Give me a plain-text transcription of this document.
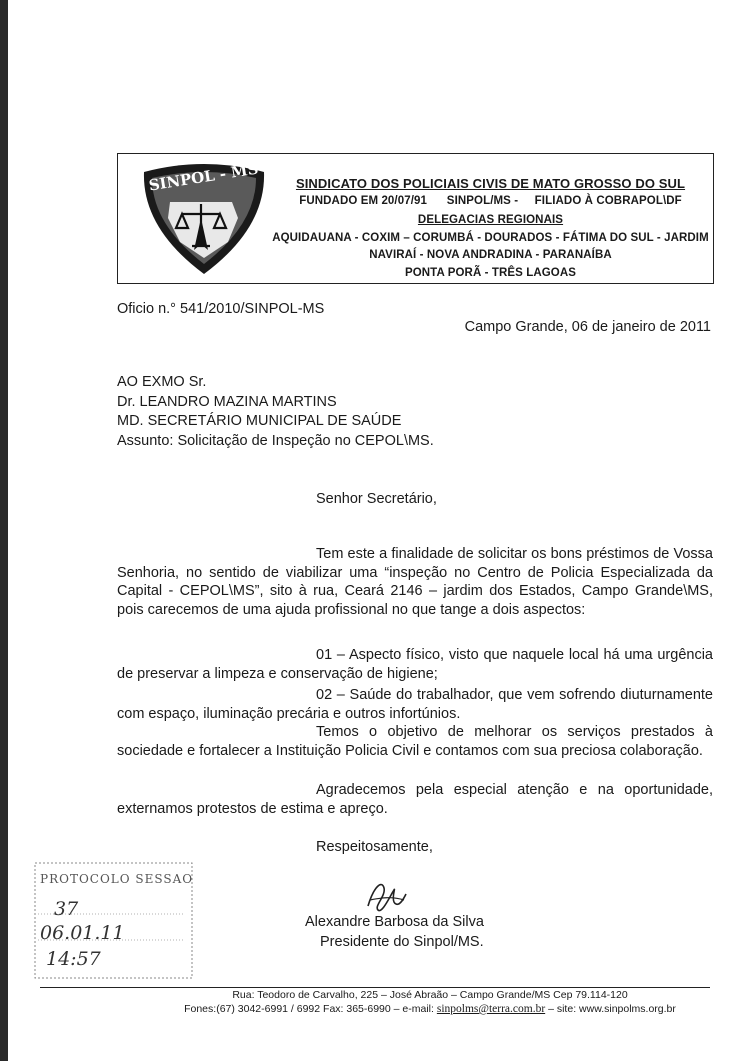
SINPOL - MS	SINDICATO DOS POLICIAIS CIVIS DE MATO GROSSO DO SUL
FUNDADO EM 20/07/91 SINPOL/MS - FILIADO À COBRAPOL\DF
DELEGACIAS REGIONAIS
AQUIDAUANA - COXIM – CORUMBÁ - DOURADOS - FÁTIMA DO SUL - JARDIM
NAVIRAÍ - NOVA ANDRADINA - PARANAÍBA
PONTA PORÃ - TRÊS LAGOAS
Oficio n.° 541/2010/SINPOL-MS
Campo Grande, 06 de janeiro de 2011
AO EXMO Sr.
Dr. LEANDRO MAZINA MARTINS
MD. SECRETÁRIO MUNICIPAL DE SAÚDE
Assunto: Solicitação de Inspeção no CEPOL\MS.
Senhor Secretário,

Tem este a finalidade de solicitar os bons préstimos de Vossa Senhoria, no sentido de viabilizar uma “inspeção no Centro de Policia Especializada da Capital - CEPOL\MS”, sito à rua, Ceará 2146 – jardim dos Estados, Campo Grande\MS, pois carecemos de uma ajuda profissional no que tange a dois aspectos:

01 – Aspecto físico, visto que naquele local há uma urgência de preservar a limpeza e conservação de higiene;

02 – Saúde do trabalhador, que vem sofrendo diuturnamente com espaço, iluminação precária e outros infortúnios.

Temos o objetivo de melhorar os serviços prestados à sociedade e fortalecer a Instituição Policia Civil e contamos com sua preciosa colaboração.

Agradecemos pela especial atenção e na oportunidade, externamos protestos de estima e apreço.

Respeitosamente,
Alexandre Barbosa da Silva
Presidente do Sinpol/MS.
PROTOCOLO SESSAO
37
06.01.11
14:57
Rua: Teodoro de Carvalho, 225 – José Abraão – Campo Grande/MS Cep 79.114-120
Fones:(67) 3042-6991 / 6992 Fax: 365-6990 – e-mail: sinpolms@terra.com.br – site: www.sinpolms.org.br
